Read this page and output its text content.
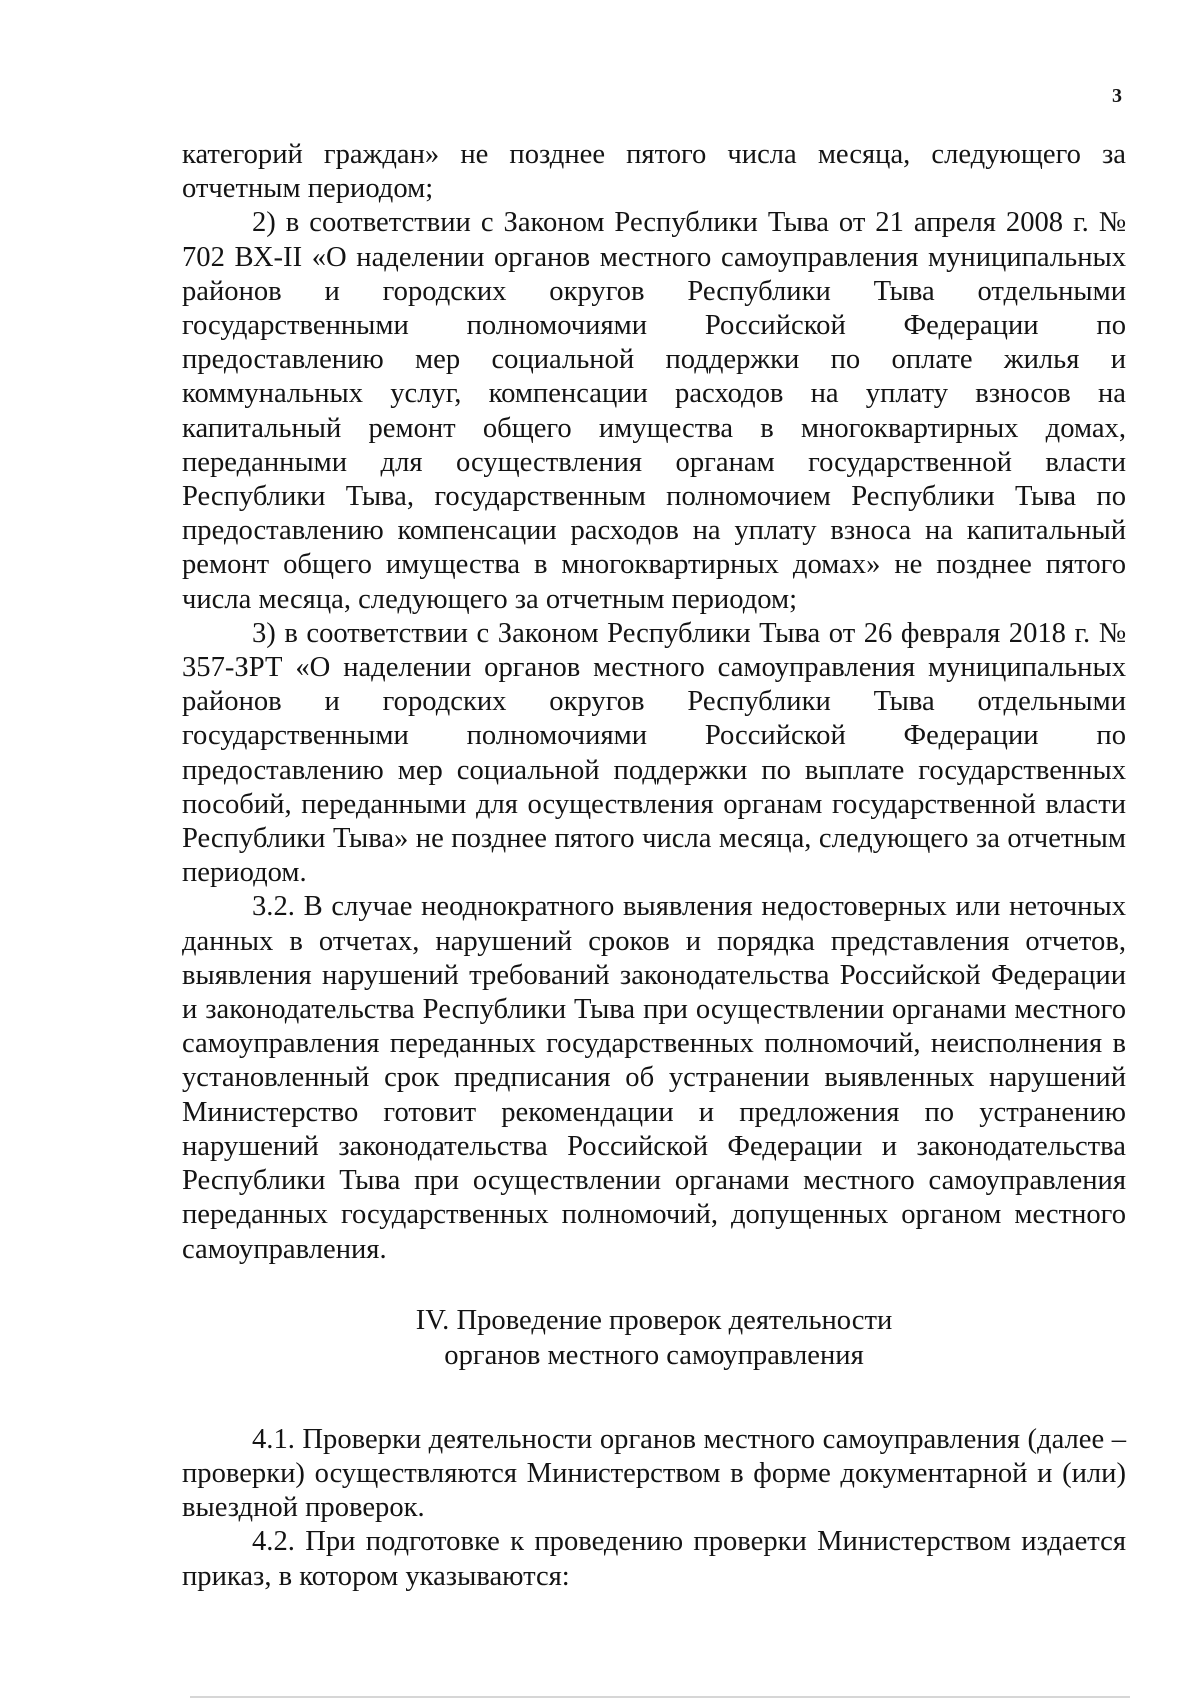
3

категорий граждан» не позднее пятого числа месяца, следующего за отчетным периодом;

2) в соответствии с Законом Республики Тыва от 21 апреля 2008 г. № 702 ВХ-II «О наделении органов местного самоуправления муниципальных районов и городских округов Республики Тыва отдельными государственными полномочиями Российской Федерации по предоставлению мер социальной поддержки по оплате жилья и коммунальных услуг, компенсации расходов на уплату взносов на капитальный ремонт общего имущества в многоквартирных домах, переданными для осуществления органам государственной власти Республики Тыва, государственным полномочием Республики Тыва по предоставлению компенсации расходов на уплату взноса на капитальный ремонт общего имущества в многоквартирных домах» не позднее пятого числа месяца, следующего за отчетным периодом;

3) в соответствии с Законом Республики Тыва от 26 февраля 2018 г. № 357-ЗРТ «О наделении органов местного самоуправления муниципальных районов и городских округов Республики Тыва отдельными государственными полномочиями Российской Федерации по предоставлению мер социальной поддержки по выплате государственных пособий, переданными для осуществления органам государственной власти Республики Тыва» не позднее пятого числа месяца, следующего за отчетным периодом.

3.2. В случае неоднократного выявления недостоверных или неточных данных в отчетах, нарушений сроков и порядка представления отчетов, выявления нарушений требований законодательства Российской Федерации и законодательства Республики Тыва при осуществлении органами местного самоуправления переданных государственных полномочий, неисполнения в установленный срок предписания об устранении выявленных нарушений Министерство готовит рекомендации и предложения по устранению нарушений законодательства Российской Федерации и законодательства Республики Тыва при осуществлении органами местного самоуправления переданных государственных полномочий, допущенных органом местного самоуправления.

IV. Проведение проверок деятельности

органов местного самоуправления

4.1. Проверки деятельности органов местного самоуправления (далее – проверки) осуществляются Министерством в форме документарной и (или) выездной проверок.

4.2. При подготовке к проведению проверки Министерством издается приказ, в котором указываются:
